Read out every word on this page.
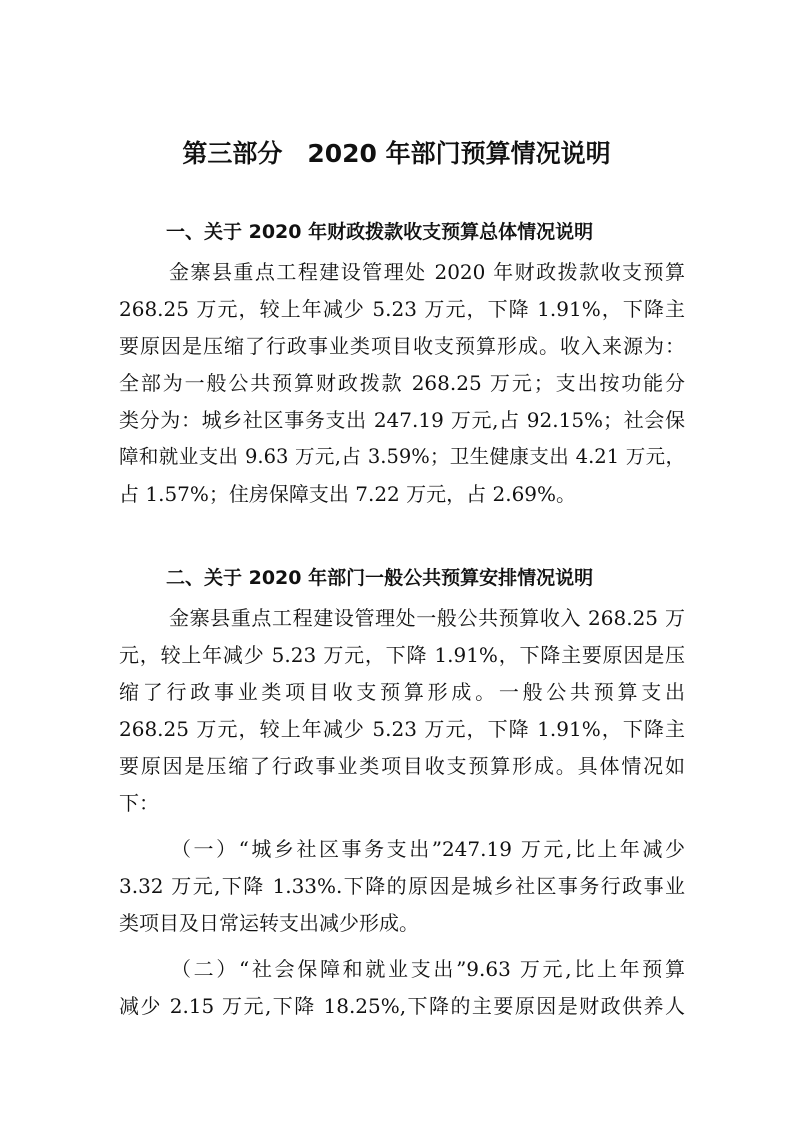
第三部分　2020 年部门预算情况说明
一、关于 2020 年财政拨款收支预算总体情况说明
金寨县重点工程建设管理处 2020 年财政拨款收支预算
268.25 万元，较上年减少 5.23 万元，下降 1.91%，下降主
要原因是压缩了行政事业类项目收支预算形成。收入来源为：
全部为一般公共预算财政拨款 268.25 万元；支出按功能分
类分为：城乡社区事务支出 247.19 万元,占 92.15%；社会保
障和就业支出 9.63 万元,占 3.59%；卫生健康支出 4.21 万元，
占 1.57%；住房保障支出 7.22 万元，占 2.69%。
二、关于 2020 年部门一般公共预算安排情况说明
金寨县重点工程建设管理处一般公共预算收入 268.25 万
元，较上年减少 5.23 万元，下降 1.91%，下降主要原因是压
缩了行政事业类项目收支预算形成。一般公共预算支出
268.25 万元，较上年减少 5.23 万元，下降 1.91%，下降主
要原因是压缩了行政事业类项目收支预算形成。具体情况如
下：
（一）“城乡社区事务支出”247.19 万元,比上年减少
3.32 万元,下降 1.33%.下降的原因是城乡社区事务行政事业
类项目及日常运转支出减少形成。
（二）“社会保障和就业支出”9.63 万元,比上年预算
减少 2.15 万元,下降 18.25%,下降的主要原因是财政供养人
